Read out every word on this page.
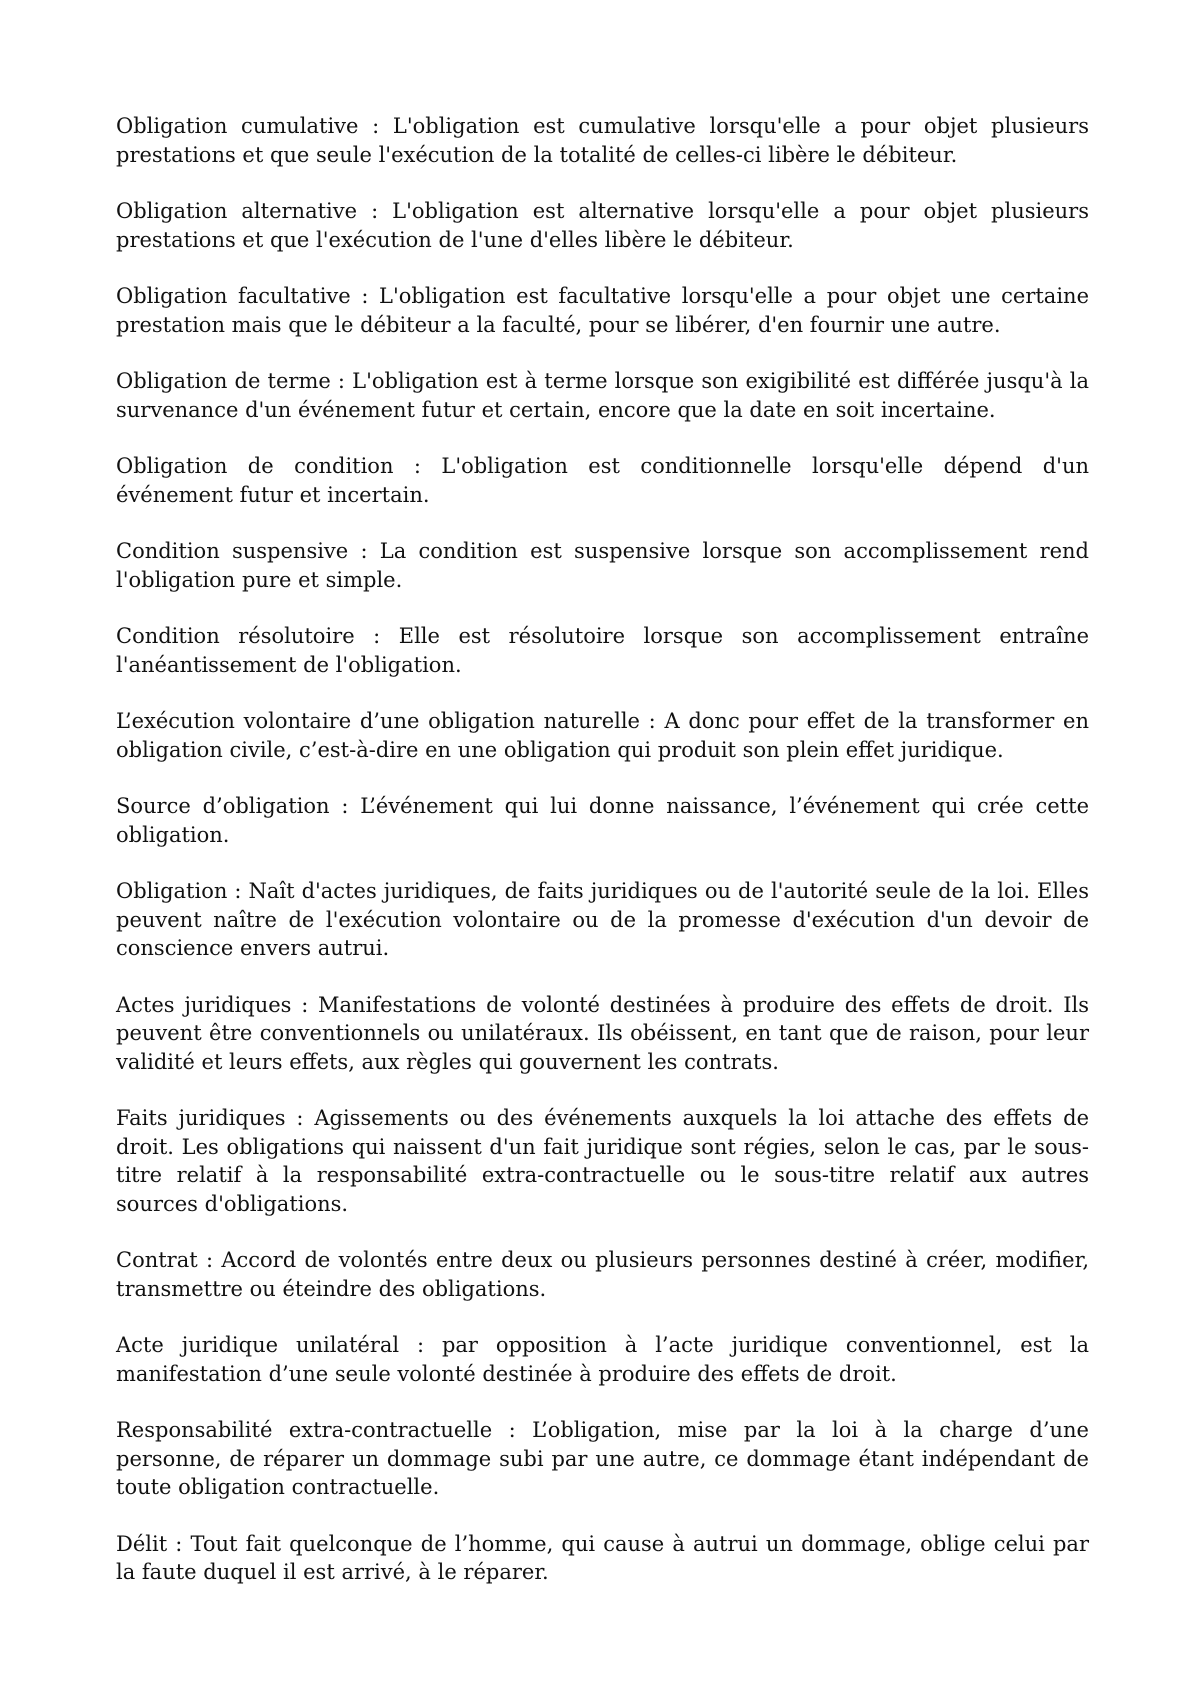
Obligation cumulative : L'obligation est cumulative lorsqu'elle a pour objet plusieurs prestations et que seule l'exécution de la totalité de celles-ci libère le débiteur.

Obligation alternative : L'obligation est alternative lorsqu'elle a pour objet plusieurs prestations et que l'exécution de l'une d'elles libère le débiteur.

Obligation facultative : L'obligation est facultative lorsqu'elle a pour objet une certaine prestation mais que le débiteur a la faculté, pour se libérer, d'en fournir une autre.

Obligation de terme : L'obligation est à terme lorsque son exigibilité est différée jusqu'à la survenance d'un événement futur et certain, encore que la date en soit incertaine.

Obligation de condition : L'obligation est conditionnelle lorsqu'elle dépend d'un événement futur et incertain.

Condition suspensive : La condition est suspensive lorsque son accomplissement rend l'obligation pure et simple.

Condition résolutoire : Elle est résolutoire lorsque son accomplissement entraîne l'anéantissement de l'obligation.

L’exécution volontaire d’une obligation naturelle : A donc pour effet de la transformer en obligation civile, c’est-à-dire en une obligation qui produit son plein effet juridique.

Source d’obligation : L’événement qui lui donne naissance, l’événement qui crée cette obligation.

Obligation : Naît d'actes juridiques, de faits juridiques ou de l'autorité seule de la loi. Elles peuvent naître de l'exécution volontaire ou de la promesse d'exécution d'un devoir de conscience envers autrui.

Actes juridiques : Manifestations de volonté destinées à produire des effets de droit. Ils peuvent être conventionnels ou unilatéraux. Ils obéissent, en tant que de raison, pour leur validité et leurs effets, aux règles qui gouvernent les contrats.

Faits juridiques : Agissements ou des événements auxquels la loi attache des effets de droit. Les obligations qui naissent d'un fait juridique sont régies, selon le cas, par le sous-titre relatif à la responsabilité extra-contractuelle ou le sous-titre relatif aux autres sources d'obligations.

Contrat : Accord de volontés entre deux ou plusieurs personnes destiné à créer, modifier, transmettre ou éteindre des obligations.

Acte juridique unilatéral : par opposition à l’acte juridique conventionnel, est la manifestation d’une seule volonté destinée à produire des effets de droit.

Responsabilité extra-contractuelle : L’obligation, mise par la loi à la charge d’une personne, de réparer un dommage subi par une autre, ce dommage étant indépendant de toute obligation contractuelle.

Délit : Tout fait quelconque de l’homme, qui cause à autrui un dommage, oblige celui par la faute duquel il est arrivé, à le réparer.
